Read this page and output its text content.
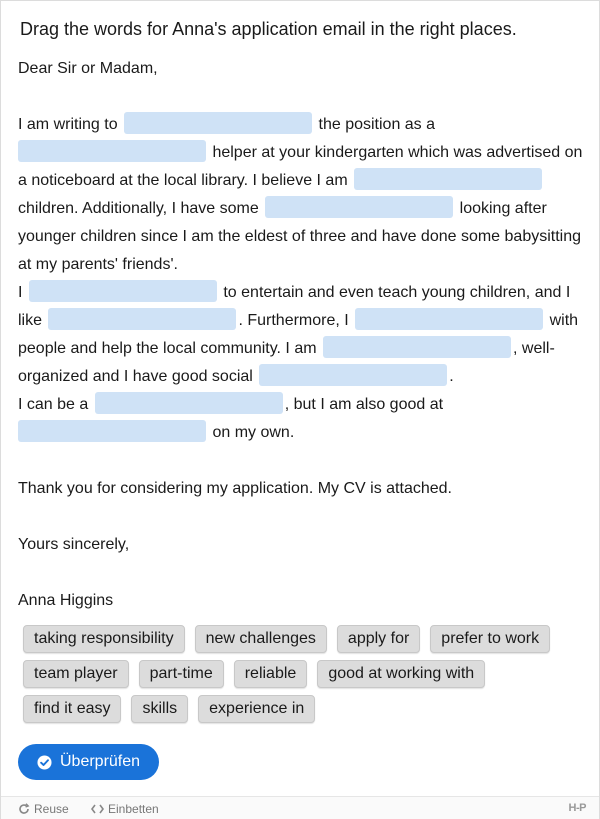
Drag the words for Anna's application email in the right places.
Dear Sir or Madam,
I am writing to	the position as a
helper at your kindergarten which was advertised on a noticeboard at the local library. I believe I am  children. Additionally, I have some	looking after younger children since I am the eldest of three and have done some babysitting at my parents' friends'.
I	to entertain and even teach young children, and I like	. Furthermore, I	with people and help the local community. I am	, well-organized and I have good social	.
I can be a	, but I am also good at
on my own.
Thank you for considering my application. My CV is attached.
Yours sincerely,
Anna Higgins
taking responsibility new challenges apply for prefer to work
team player part-time reliable good at working with
find it easy skills experience in
Überprüfen
Reuse	Einbetten	H-P
